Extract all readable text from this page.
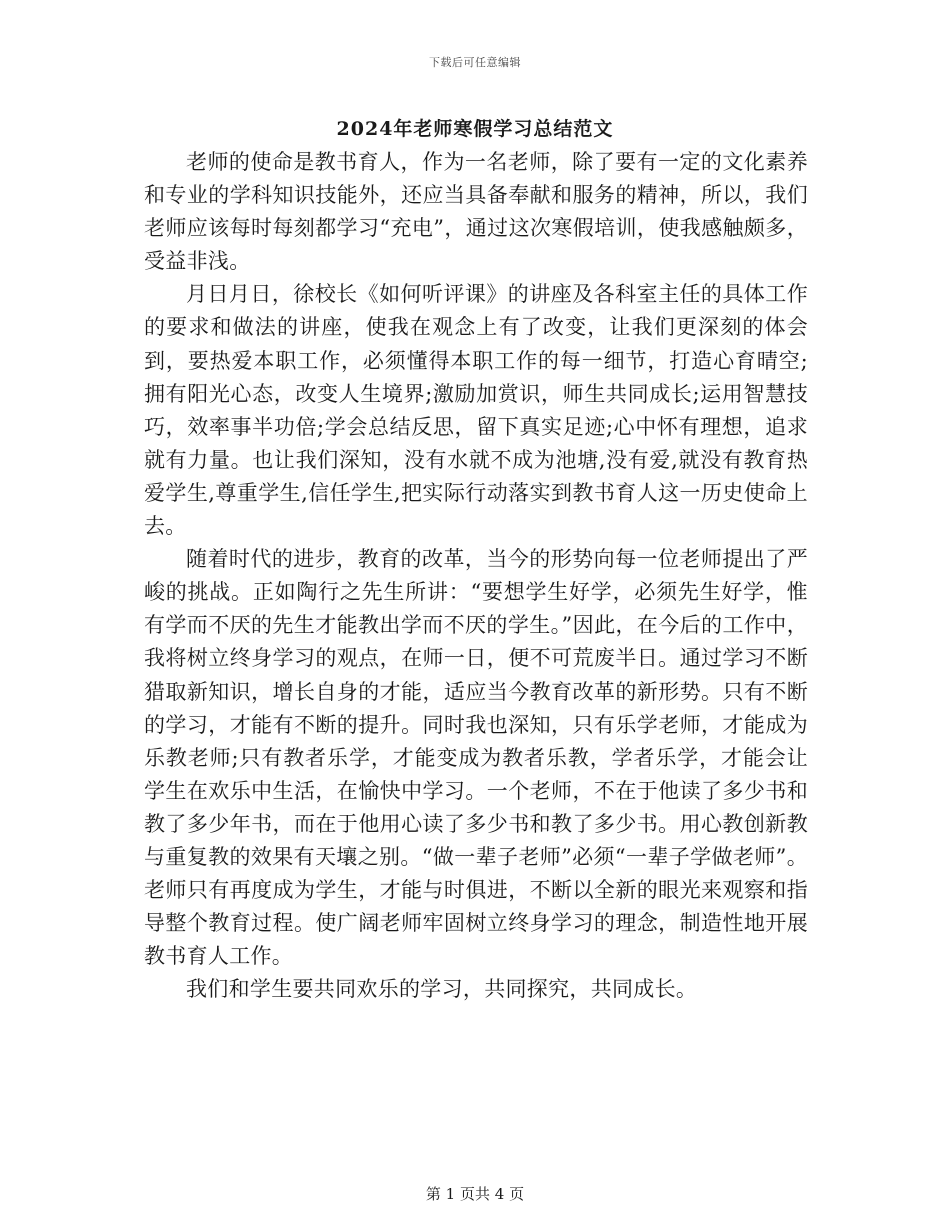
下载后可任意编辑
2024年老师寒假学习总结范文

老师的使命是教书育人，作为一名老师，除了要有一定的文化素养和专业的学科知识技能外，还应当具备奉献和服务的精神，所以，我们老师应该每时每刻都学习“充电”，通过这次寒假培训，使我感触颇多，受益非浅。

月日月日，徐校长《如何听评课》的讲座及各科室主任的具体工作的要求和做法的讲座，使我在观念上有了改变，让我们更深刻的体会到，要热爱本职工作，必须懂得本职工作的每一细节，打造心育晴空;拥有阳光心态，改变人生境界;激励加赏识，师生共同成长;运用智慧技巧，效率事半功倍;学会总结反思，留下真实足迹;心中怀有理想，追求就有力量。也让我们深知，没有水就不成为池塘,没有爱,就没有教育热爱学生,尊重学生,信任学生,把实际行动落实到教书育人这一历史使命上去。

随着时代的进步，教育的改革，当今的形势向每一位老师提出了严峻的挑战。正如陶行之先生所讲：“要想学生好学，必须先生好学，惟有学而不厌的先生才能教出学而不厌的学生。”因此，在今后的工作中，我将树立终身学习的观点，在师一日，便不可荒废半日。通过学习不断猎取新知识，增长自身的才能，适应当今教育改革的新形势。只有不断的学习，才能有不断的提升。同时我也深知，只有乐学老师，才能成为乐教老师;只有教者乐学，才能变成为教者乐教，学者乐学，才能会让学生在欢乐中生活，在愉快中学习。一个老师，不在于他读了多少书和教了多少年书，而在于他用心读了多少书和教了多少书。用心教创新教与重复教的效果有天壤之别。“做一辈子老师”必须“一辈子学做老师”。老师只有再度成为学生，才能与时俱进，不断以全新的眼光来观察和指导整个教育过程。使广阔老师牢固树立终身学习的理念，制造性地开展教书育人工作。

我们和学生要共同欢乐的学习，共同探究，共同成长。

第 1 页共 4 页
